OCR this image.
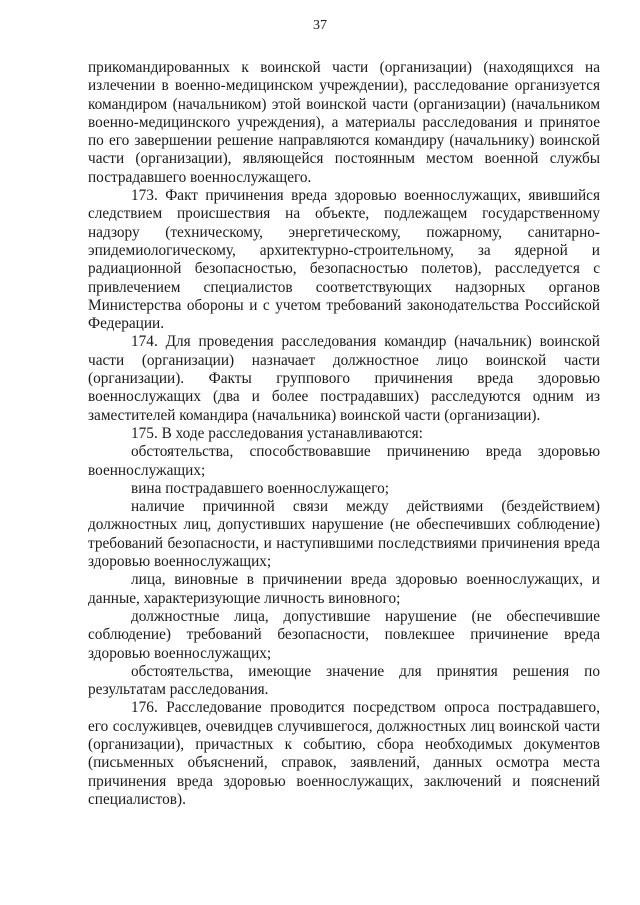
37

прикомандированных к воинской части (организации) (находящихся на излечении в военно-медицинском учреждении), расследование организуется командиром (начальником) этой воинской части (организации) (начальником военно-медицинского учреждения), а материалы расследования и принятое по его завершении решение направляются командиру (начальнику) воинской части (организации), являющейся постоянным местом военной службы пострадавшего военнослужащего.

173. Факт причинения вреда здоровью военнослужащих, явившийся следствием происшествия на объекте, подлежащем государственному надзору (техническому, энергетическому, пожарному, санитарно-эпидемиологическому, архитектурно-строительному, за ядерной и радиационной безопасностью, безопасностью полетов), расследуется с привлечением специалистов соответствующих надзорных органов Министерства обороны и с учетом требований законодательства Российской Федерации.

174. Для проведения расследования командир (начальник) воинской части (организации) назначает должностное лицо воинской части (организации). Факты группового причинения вреда здоровью военнослужащих (два и более пострадавших) расследуются одним из заместителей командира (начальника) воинской части (организации).

175. В ходе расследования устанавливаются:

обстоятельства, способствовавшие причинению вреда здоровью военнослужащих;

вина пострадавшего военнослужащего;

наличие причинной связи между действиями (бездействием) должностных лиц, допустивших нарушение (не обеспечивших соблюдение) требований безопасности, и наступившими последствиями причинения вреда здоровью военнослужащих;

лица, виновные в причинении вреда здоровью военнослужащих, и данные, характеризующие личность виновного;

должностные лица, допустившие нарушение (не обеспечившие соблюдение) требований безопасности, повлекшее причинение вреда здоровью военнослужащих;

обстоятельства, имеющие значение для принятия решения по результатам расследования.

176. Расследование проводится посредством опроса пострадавшего, его сослуживцев, очевидцев случившегося, должностных лиц воинской части (организации), причастных к событию, сбора необходимых документов (письменных объяснений, справок, заявлений, данных осмотра места причинения вреда здоровью военнослужащих, заключений и пояснений специалистов).
